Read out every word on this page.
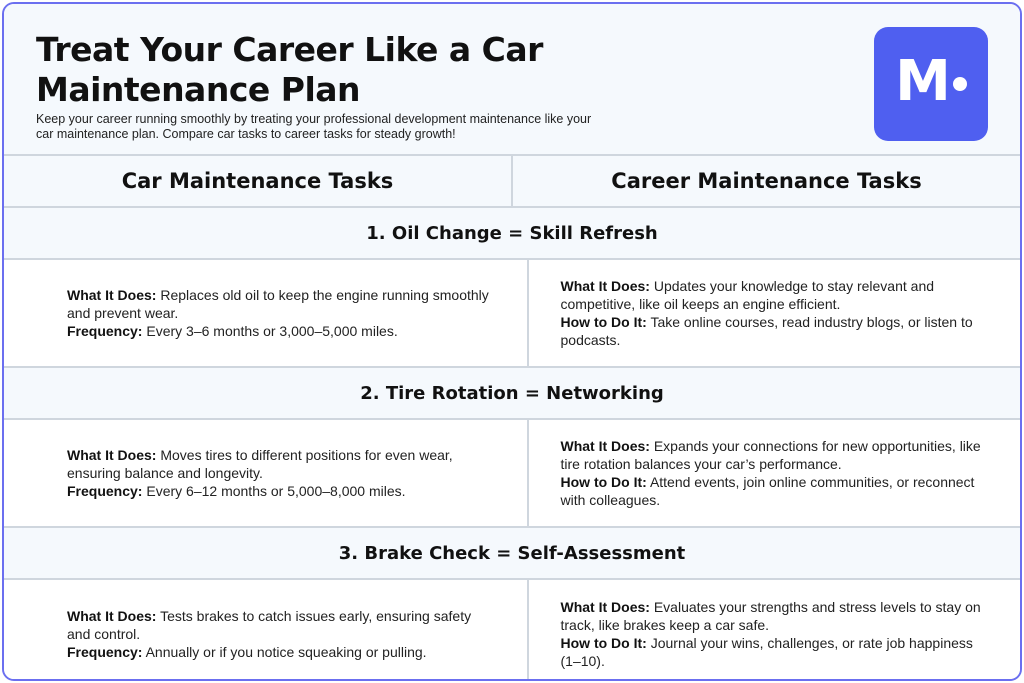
Treat Your Career Like a Car Maintenance Plan

Keep your career running smoothly by treating your professional development maintenance like your car maintenance plan. Compare car tasks to career tasks for steady growth!

M
Car Maintenance Tasks	Career Maintenance Tasks
1. Oil Change = Skill Refresh
What It Does: Replaces old oil to keep the engine running smoothly and prevent wear.
Frequency: Every 3–6 months or 3,000–5,000 miles.
What It Does: Updates your knowledge to stay relevant and competitive, like oil keeps an engine efficient.
How to Do It: Take online courses, read industry blogs, or listen to podcasts.
2. Tire Rotation = Networking
What It Does: Moves tires to different positions for even wear, ensuring balance and longevity.
Frequency: Every 6–12 months or 5,000–8,000 miles.
What It Does: Expands your connections for new opportunities, like tire rotation balances your car’s performance.
How to Do It: Attend events, join online communities, or reconnect with colleagues.
3. Brake Check = Self-Assessment
What It Does: Tests brakes to catch issues early, ensuring safety and control.
Frequency: Annually or if you notice squeaking or pulling.
What It Does: Evaluates your strengths and stress levels to stay on track, like brakes keep a car safe.
How to Do It: Journal your wins, challenges, or rate job happiness (1–10).
